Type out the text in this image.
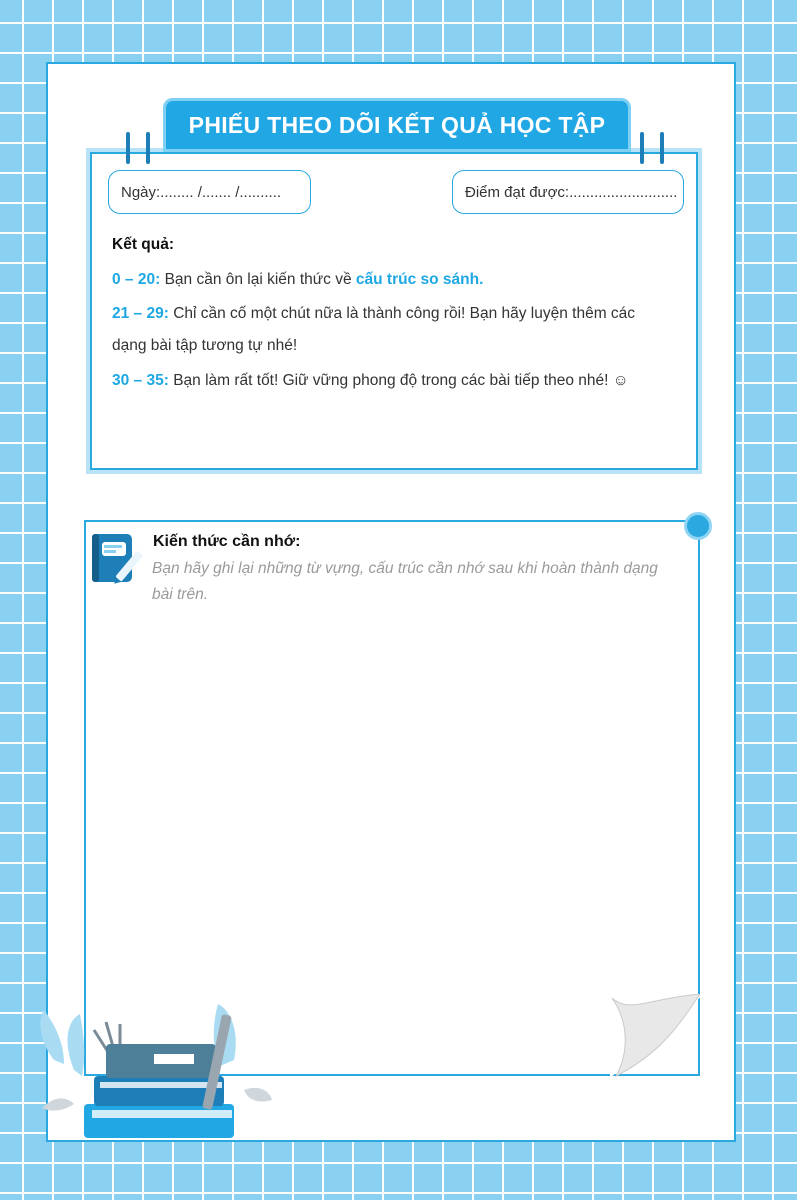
PHIẾU THEO DÕI KẾT QUẢ HỌC TẬP
Ngày:........ /....... /..........	Điểm đạt được:..........................
Kết quả:
0 – 20: Bạn cần ôn lại kiến thức về cấu trúc so sánh.
21 – 29: Chỉ cần cố một chút nữa là thành công rồi! Bạn hãy luyện thêm các
dạng bài tập tương tự nhé!
30 – 35: Bạn làm rất tốt! Giữ vững phong độ trong các bài tiếp theo nhé! ☺
Kiến thức cần nhớ:
Bạn hãy ghi lại những từ vựng, cấu trúc cần nhớ sau khi hoàn thành dạng bài trên.
